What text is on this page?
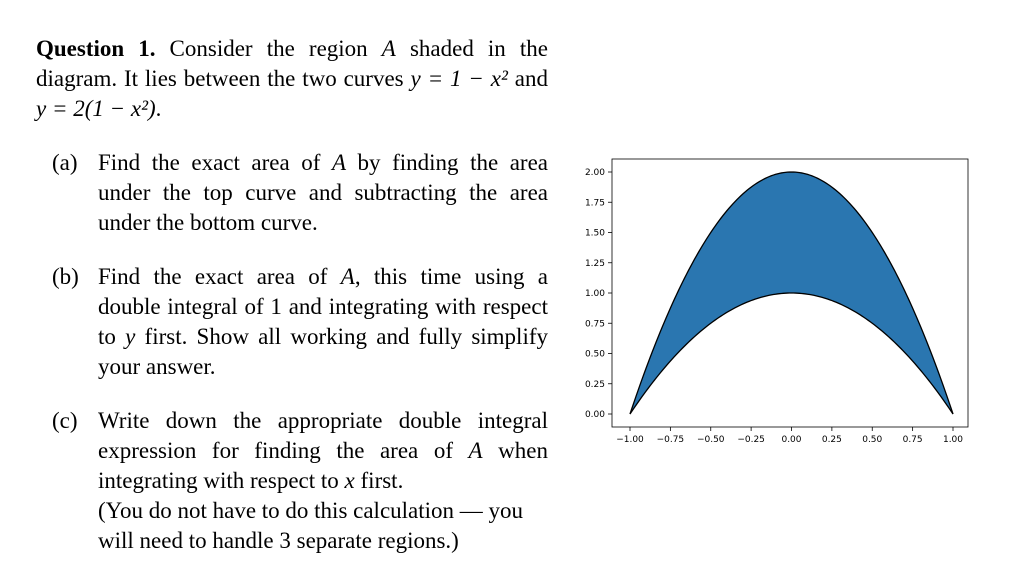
Question 1. Consider the region A shaded in the diagram. It lies between the two curves y = 1 − x² and y = 2(1 − x²).
(a) Find the exact area of A by finding the area under the top curve and subtracting the area under the bottom curve.
(b) Find the exact area of A, this time using a double integral of 1 and integrating with respect to y first. Show all working and fully simplify your answer.
(c) Write down the appropriate double integral expression for finding the area of A when integrating with respect to x first.
(You do not have to do this calculation — you will need to handle 3 separate regions.)
0.00
0.25
0.50
0.75
1.00
1.25
1.50
1.75
2.00
−1.00 −0.75 −0.50 −0.25 0.00 0.25 0.50 0.75 1.00
